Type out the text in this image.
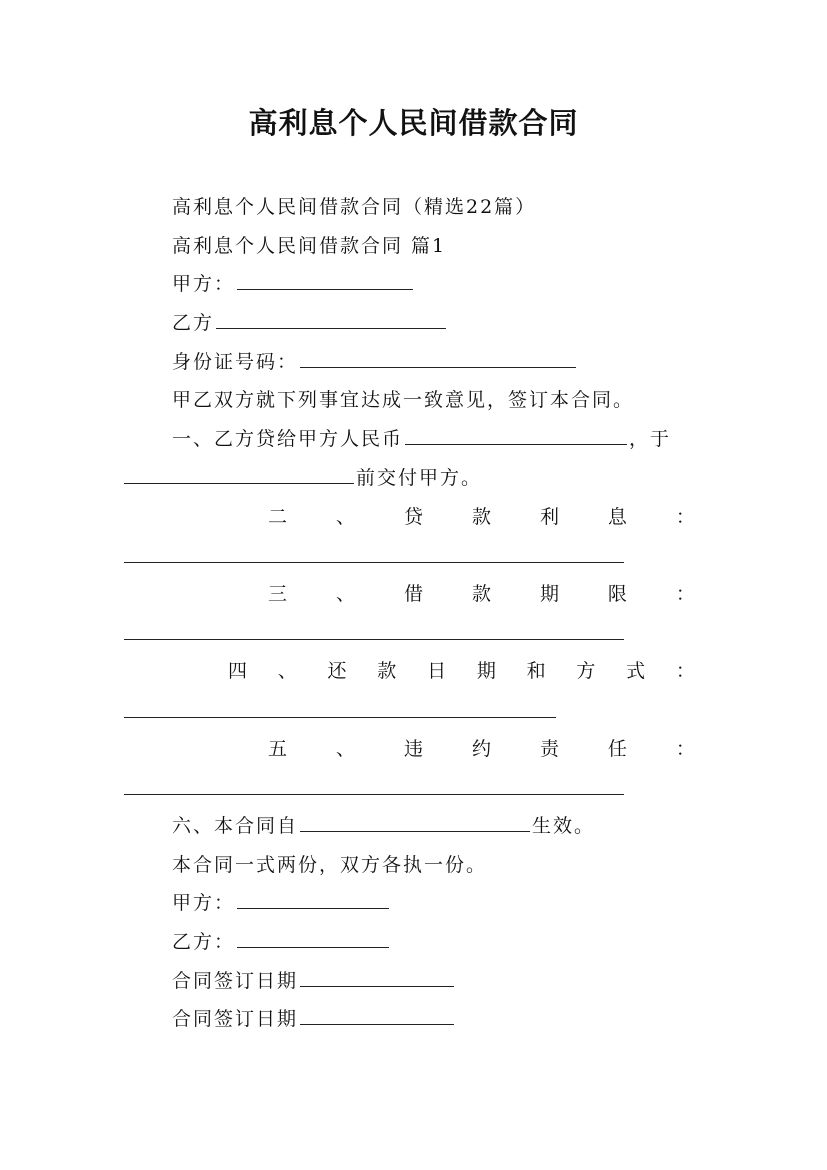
高利息个人民间借款合同
高利息个人民间借款合同（精选22篇）
高利息个人民间借款合同 篇1
甲方：
乙方
身份证号码：
甲乙双方就下列事宜达成一致意见，签订本合同。
一、乙方贷给甲方人民币	，于
前交付甲方。
二	、	贷	款	利	息	：
三	、	借	款	期	限	：
四 、 还 款 日 期 和 方 式 ：
五	、	违	约	责	任	：
六、本合同自	生效。
本合同一式两份，双方各执一份。
甲方：
乙方：
合同签订日期
合同签订日期
